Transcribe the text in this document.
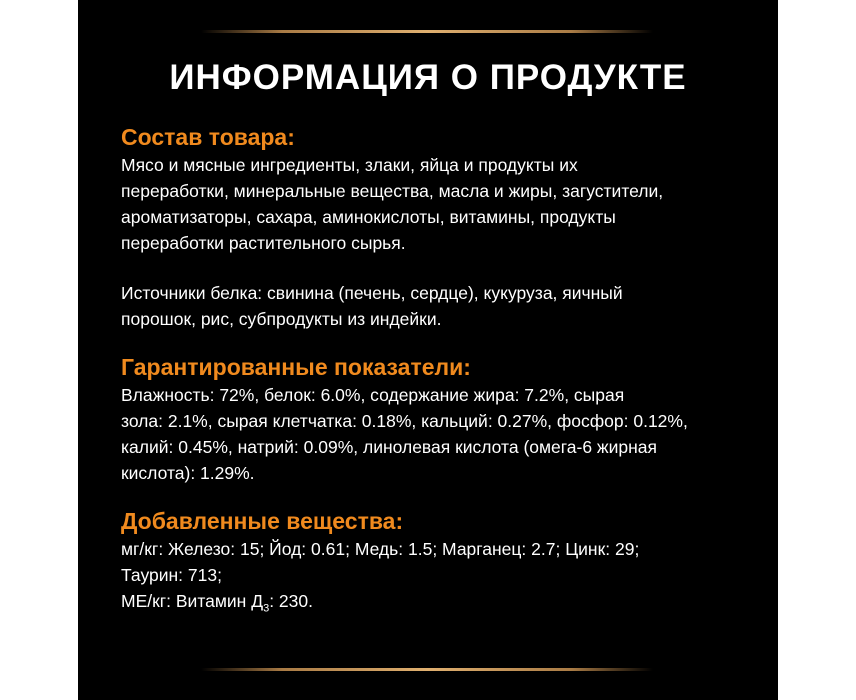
ИНФОРМАЦИЯ О ПРОДУКТЕ
Состав товара:

Мясо и мясные ингредиенты, злаки, яйца и продукты их
переработки, минеральные вещества, масла и жиры, загустители,
ароматизаторы, сахара, аминокислоты, витамины, продукты
переработки растительного сырья.

Источники белка: свинина (печень, сердце), кукуруза, яичный
порошок, рис, субпродукты из индейки.

Гарантированные показатели:

Влажность: 72%, белок: 6.0%, содержание жира: 7.2%, сырая
зола: 2.1%, сырая клетчатка: 0.18%, кальций: 0.27%, фосфор: 0.12%,
калий: 0.45%, натрий: 0.09%, линолевая кислота (омега-6 жирная
кислота): 1.29%.

Добавленные вещества:

мг/кг: Железо: 15; Йод: 0.61; Медь: 1.5; Марганец: 2.7; Цинк: 29;
Таурин: 713;
МЕ/кг: Витамин $Д_3$: 230.
